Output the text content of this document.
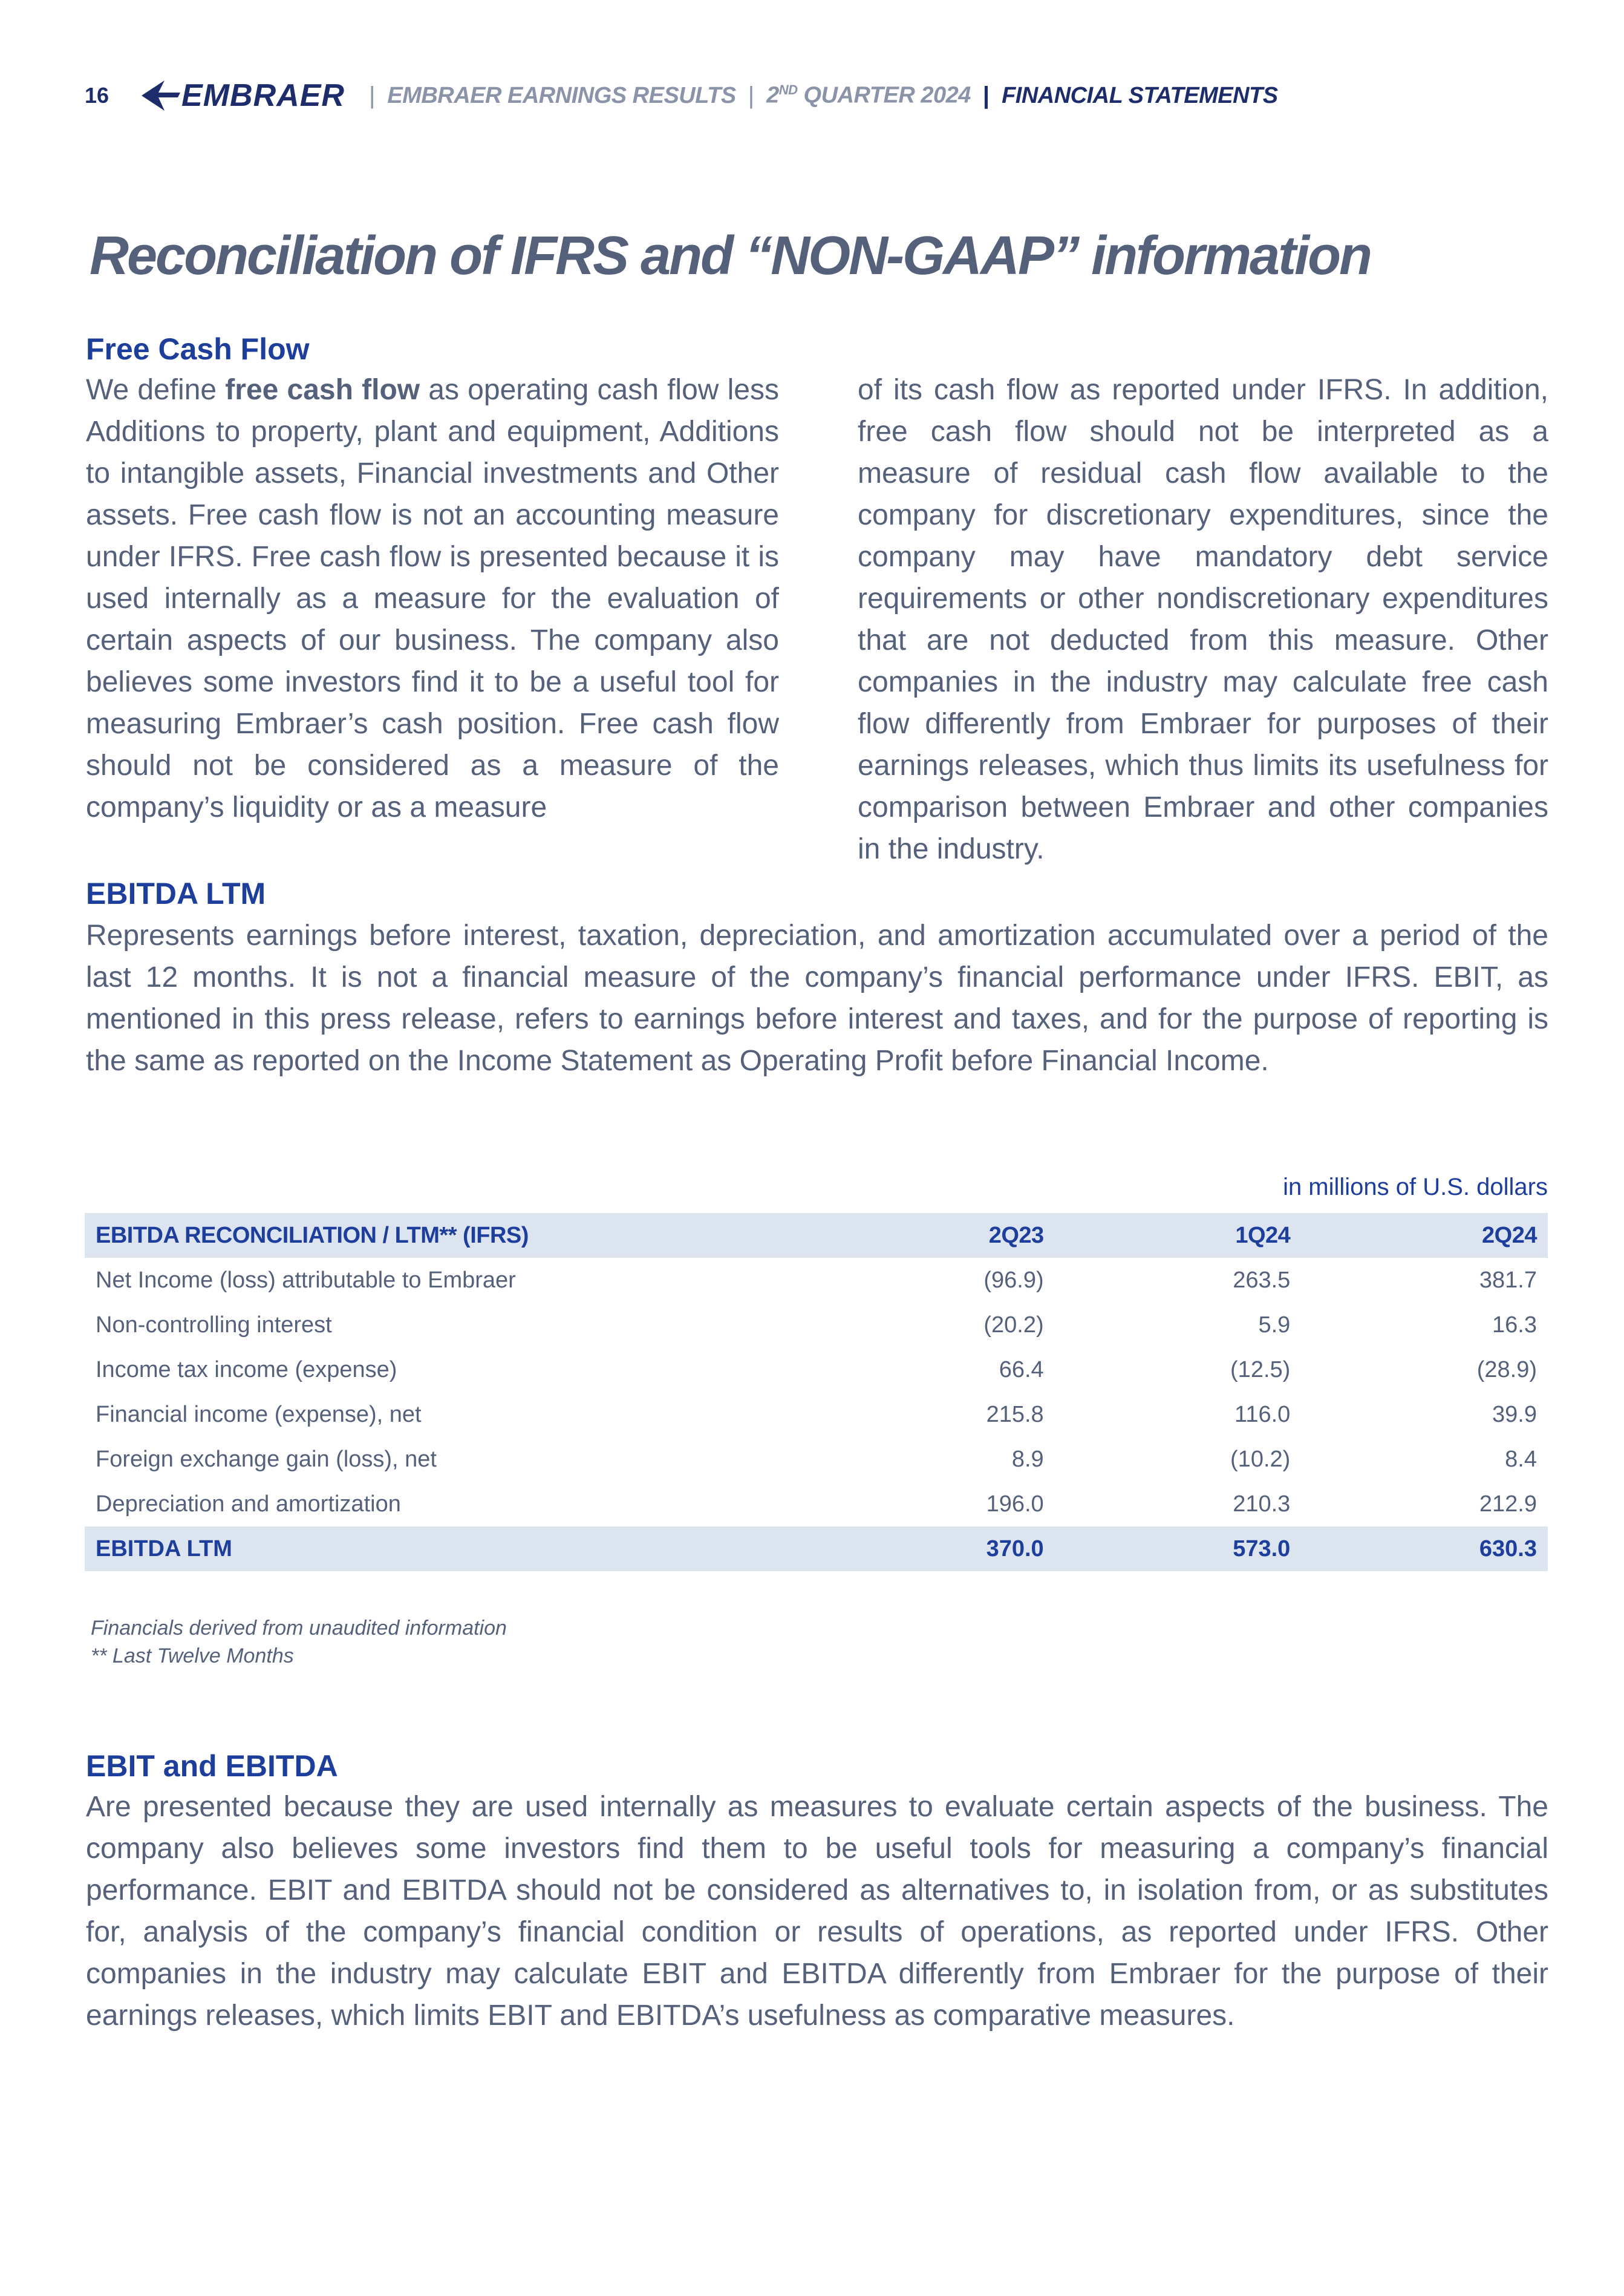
16 EMBRAER | EMBRAER EARNINGS RESULTS | 2ND QUARTER 2024 | FINANCIAL STATEMENTS
Reconciliation of IFRS and “NON-GAAP” information
Free Cash Flow
We define free cash flow as operating cash flow less Additions to property, plant and equipment, Additions to intangible assets, Financial investments and Other assets. Free cash flow is not an accounting measure under IFRS. Free cash flow is presented because it is used internally as a measure for the evaluation of certain aspects of our business. The company also believes some investors find it to be a useful tool for measuring Embraer’s cash position. Free cash flow should not be considered as a measure of the company’s liquidity or as a measure
of its cash flow as reported under IFRS. In addition, free cash flow should not be interpreted as a measure of residual cash flow available to the company for discretionary expenditures, since the company may have mandatory debt service requirements or other nondiscretionary expenditures that are not deducted from this measure. Other companies in the industry may calculate free cash flow differently from Embraer for purposes of their earnings releases, which thus limits its usefulness for comparison between Embraer and other companies in the industry.
EBITDA LTM
Represents earnings before interest, taxation, depreciation, and amortization accumulated over a period of the last 12 months. It is not a financial measure of the company’s financial performance under IFRS. EBIT, as mentioned in this press release, refers to earnings before interest and taxes, and for the purpose of reporting is the same as reported on the Income Statement as Operating Profit before Financial Income.
in millions of U.S. dollars
EBITDA RECONCILIATION / LTM** (IFRS)	2Q23	1Q24	2Q24
Net Income (loss) attributable to Embraer	(96.9)	263.5	381.7
Non-controlling interest	(20.2)	5.9	16.3
Income tax income (expense)	66.4	(12.5)	(28.9)
Financial income (expense), net	215.8	116.0	39.9
Foreign exchange gain (loss), net	8.9	(10.2)	8.4
Depreciation and amortization	196.0	210.3	212.9
EBITDA LTM	370.0	573.0	630.3
Financials derived from unaudited information
** Last Twelve Months
EBIT and EBITDA
Are presented because they are used internally as measures to evaluate certain aspects of the business. The company also believes some investors find them to be useful tools for measuring a company’s financial performance. EBIT and EBITDA should not be considered as alternatives to, in isolation from, or as substitutes for, analysis of the company’s financial condition or results of operations, as reported under IFRS. Other companies in the industry may calculate EBIT and EBITDA differently from Embraer for the purpose of their earnings releases, which limits EBIT and EBITDA’s usefulness as comparative measures.
